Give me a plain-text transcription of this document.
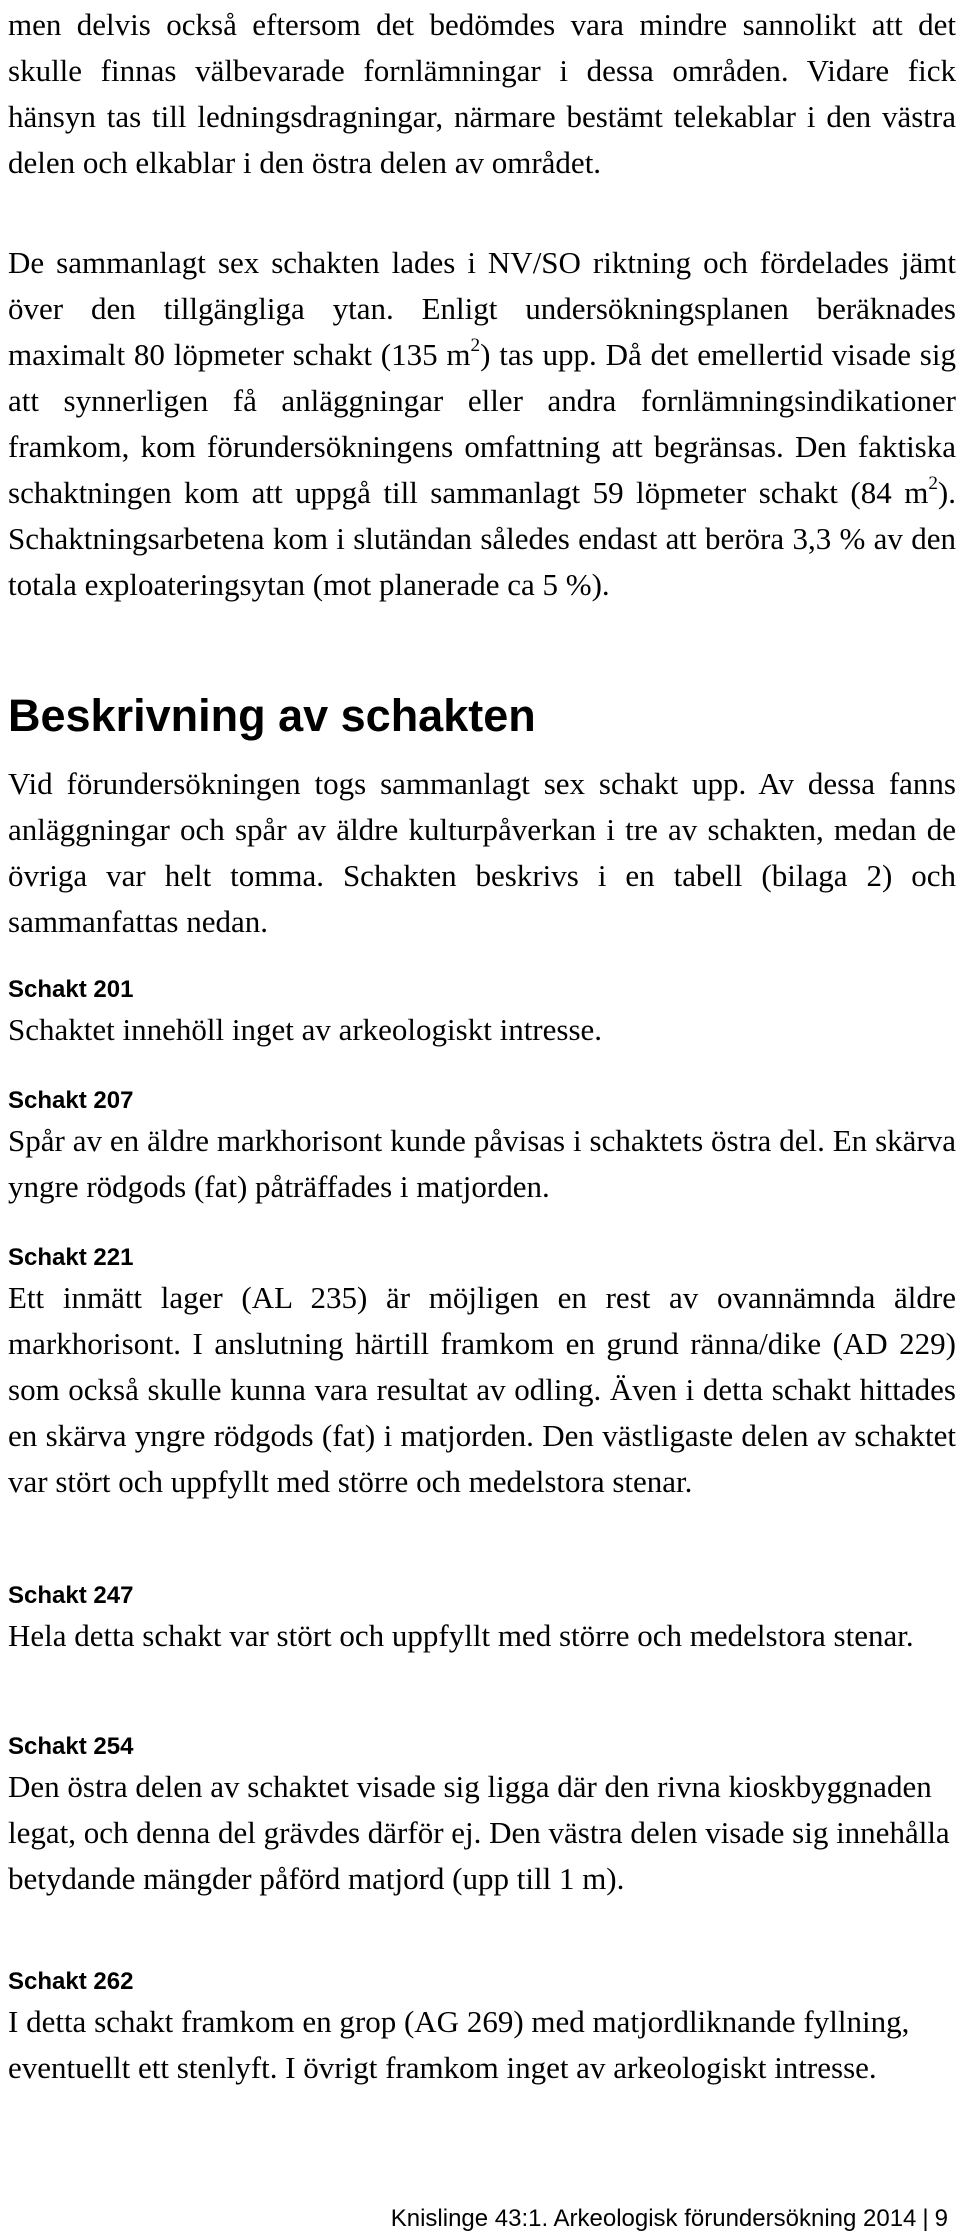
men delvis också eftersom det bedömdes vara mindre sannolikt att det skulle finnas välbevarade fornlämningar i dessa områden. Vidare fick hänsyn tas till ledningsdragningar, närmare bestämt telekablar i den västra delen och elkablar i den östra delen av området.

De sammanlagt sex schakten lades i NV/SO riktning och fördelades jämt över den tillgängliga ytan. Enligt undersökningsplanen beräknades maximalt 80 löpmeter schakt (135 $m^2$) tas upp. Då det emellertid visade sig att synnerligen få anläggningar eller andra fornlämningsindikationer framkom, kom förundersökningens omfattning att begränsas. Den faktiska schaktningen kom att uppgå till sammanlagt 59 löpmeter schakt (84 $m^2$). Schaktningsarbetena kom i slutändan således endast att beröra 3,3 % av den totala exploateringsytan (mot planerade ca 5 %).

Beskrivning av schakten

Vid förundersökningen togs sammanlagt sex schakt upp. Av dessa fanns anläggningar och spår av äldre kulturpåverkan i tre av schakten, medan de övriga var helt tomma. Schakten beskrivs i en tabell (bilaga 2) och sammanfattas nedan.

Schakt 201

Schaktet innehöll inget av arkeologiskt intresse.

Schakt 207

Spår av en äldre markhorisont kunde påvisas i schaktets östra del. En skärva yngre rödgods (fat) påträffades i matjorden.

Schakt 221

Ett inmätt lager (AL 235) är möjligen en rest av ovannämnda äldre markhorisont. I anslutning härtill framkom en grund ränna/dike (AD 229) som också skulle kunna vara resultat av odling. Även i detta schakt hittades en skärva yngre rödgods (fat) i matjorden. Den västligaste delen av schaktet var stört och uppfyllt med större och medelstora stenar.

Schakt 247

Hela detta schakt var stört och uppfyllt med större och medelstora stenar.

Schakt 254

Den östra delen av schaktet visade sig ligga där den rivna kioskbyggnaden legat, och denna del grävdes därför ej. Den västra delen visade sig innehålla betydande mängder påförd matjord (upp till 1 m).

Schakt 262

I detta schakt framkom en grop (AG 269) med matjordliknande fyllning, eventuellt ett stenlyft. I övrigt framkom inget av arkeologiskt intresse.

Knislinge 43:1. Arkeologisk förundersökning 2014 | 9
